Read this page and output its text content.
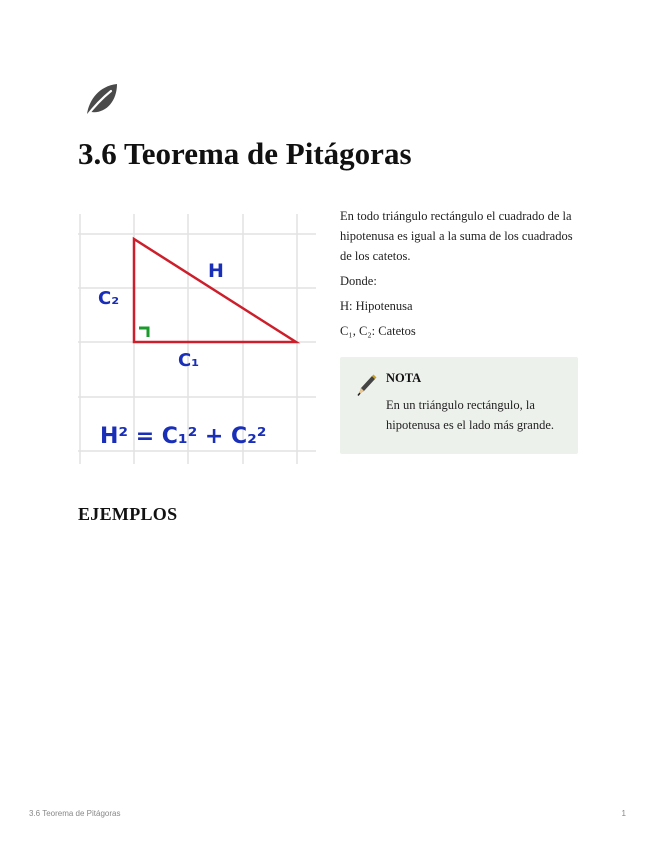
3.6 Teorema de Pitágoras
H
C₂
C₁
H² = C₁² + C₂²

En todo triángulo rectángulo el cuadrado de la hipotenusa es igual a la suma de los cuadrados de los catetos.

Donde:

H: Hipotenusa

C₁, C₂: Catetos

NOTA
En un triángulo rectángulo, la hipotenusa es el lado más grande.
EJEMPLOS
3.6 Teorema de Pitágoras	1
